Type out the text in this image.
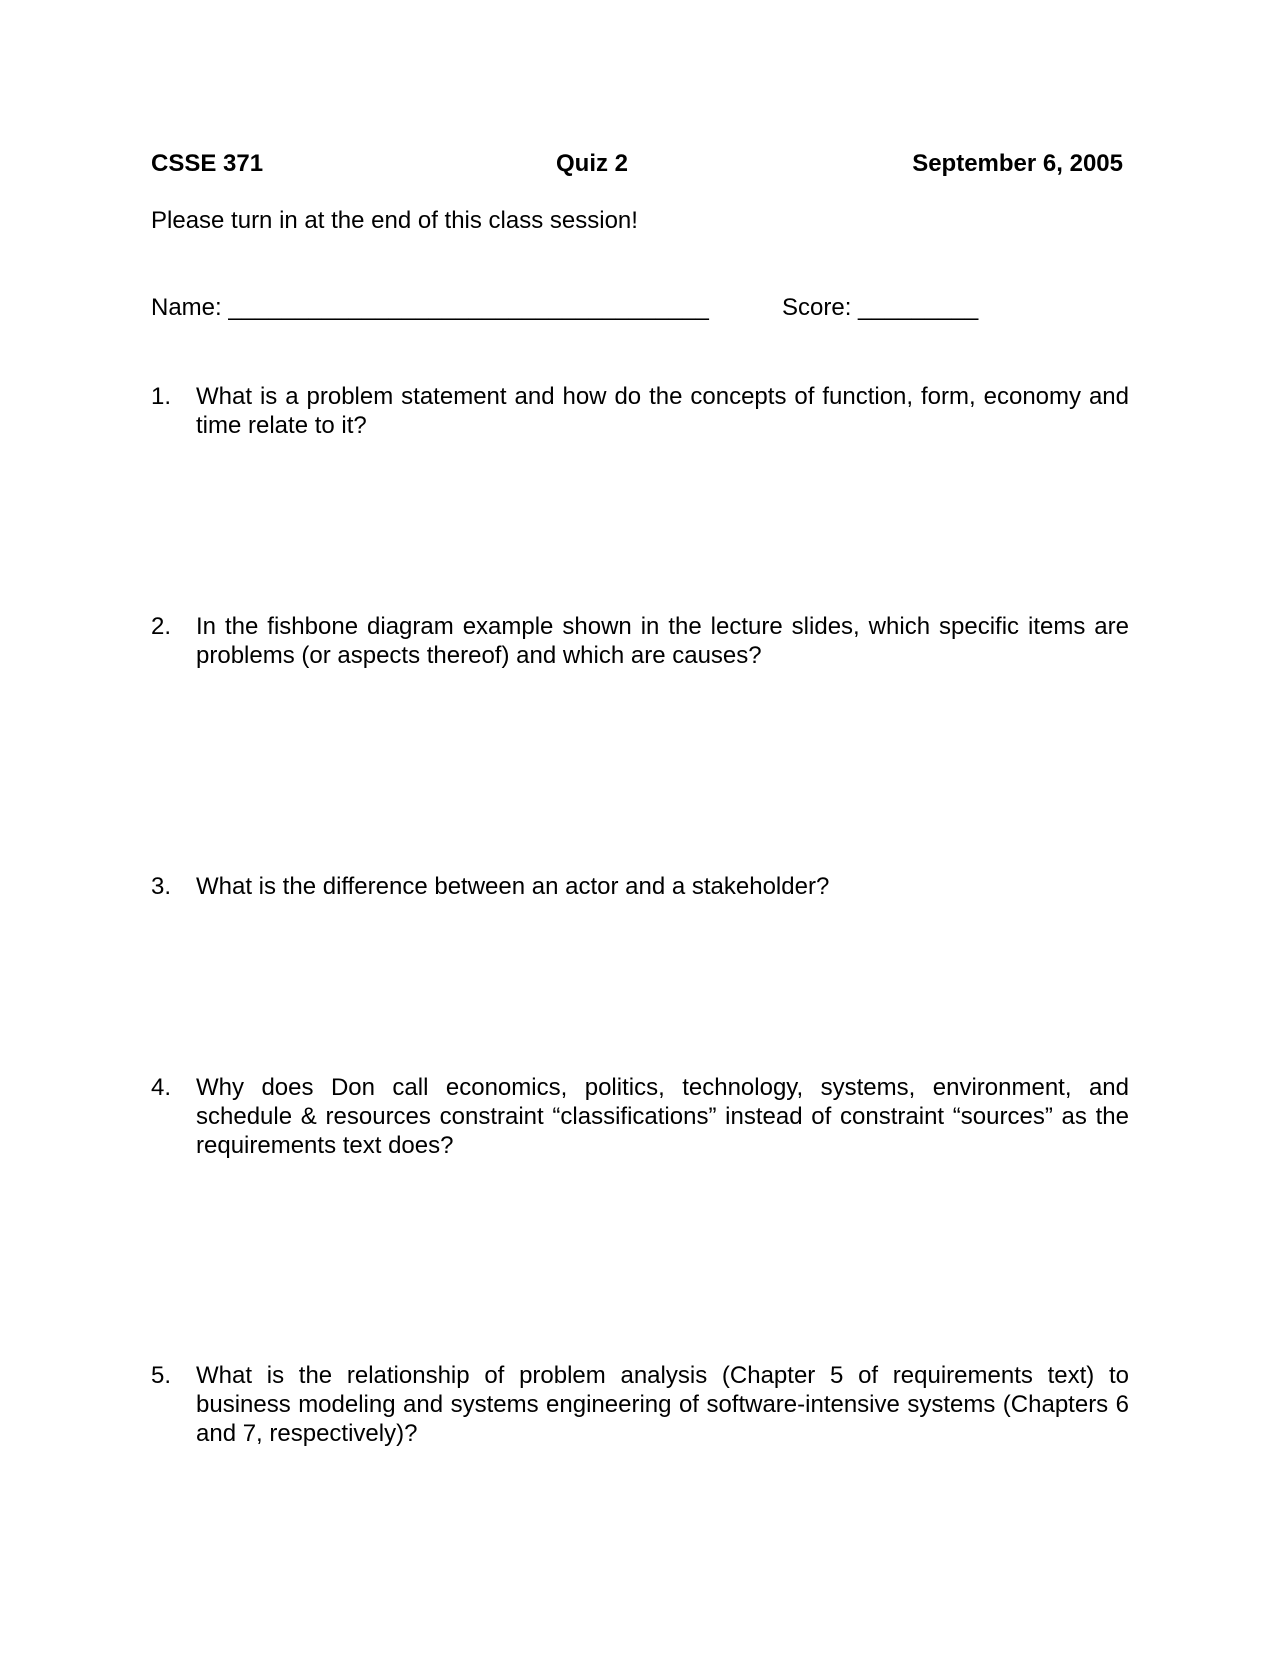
CSSE 371	Quiz 2	September 6, 2005
Please turn in at the end of this class session!
Name: ____________________________________	Score: _________
1. What is a problem statement and how do the concepts of function, form, economy and time relate to it?
2. In the fishbone diagram example shown in the lecture slides, which specific items are problems (or aspects thereof) and which are causes?
3. What is the difference between an actor and a stakeholder?
4. Why does Don call economics, politics, technology, systems, environment, and schedule & resources constraint “classifications” instead of constraint “sources” as the requirements text does?
5. What is the relationship of problem analysis (Chapter 5 of requirements text) to business modeling and systems engineering of software-intensive systems (Chapters 6 and 7, respectively)?
